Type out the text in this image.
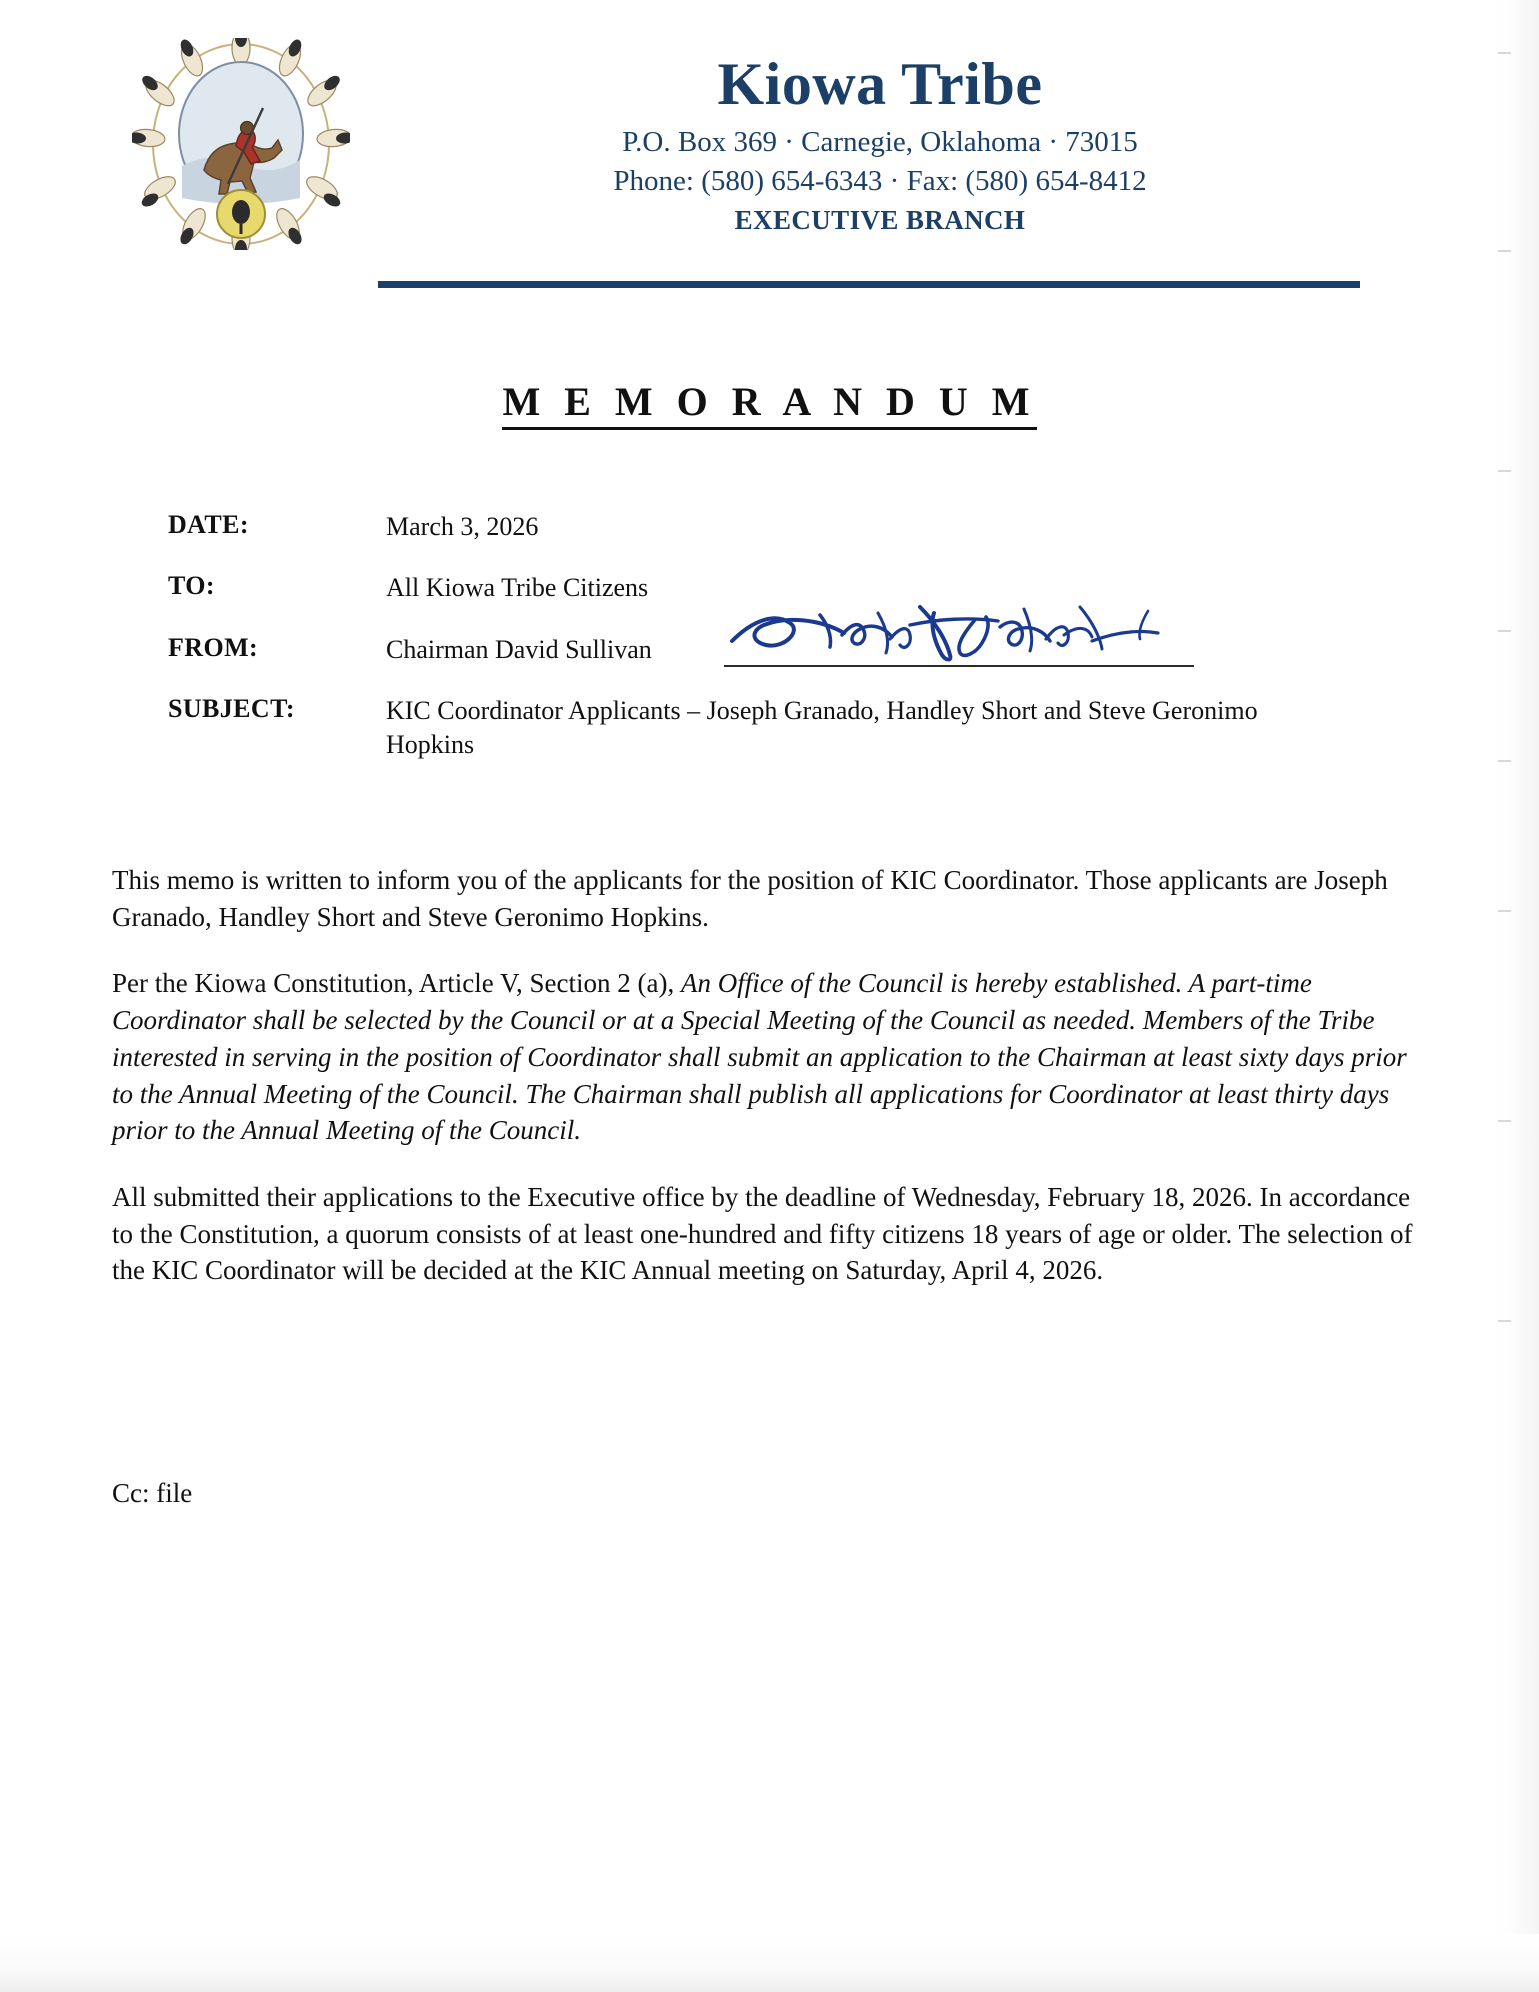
Kiowa Tribe
P.O. Box 369 · Carnegie, Oklahoma · 73015
Phone: (580) 654-6343 · Fax: (580) 654-8412
EXECUTIVE BRANCH
M E M O R A N D U M
DATE:	March 3, 2026
TO:	All Kiowa Tribe Citizens
FROM:	Chairman David Sullivan
SUBJECT:	KIC Coordinator Applicants – Joseph Granado, Handley Short and Steve Geronimo Hopkins

This memo is written to inform you of the applicants for the position of KIC Coordinator. Those applicants are Joseph Granado, Handley Short and Steve Geronimo Hopkins.

Per the Kiowa Constitution, Article V, Section 2 (a), An Office of the Council is hereby established. A part-time Coordinator shall be selected by the Council or at a Special Meeting of the Council as needed. Members of the Tribe interested in serving in the position of Coordinator shall submit an application to the Chairman at least sixty days prior to the Annual Meeting of the Council. The Chairman shall publish all applications for Coordinator at least thirty days prior to the Annual Meeting of the Council.

All submitted their applications to the Executive office by the deadline of Wednesday, February 18, 2026. In accordance to the Constitution, a quorum consists of at least one-hundred and fifty citizens 18 years of age or older. The selection of the KIC Coordinator will be decided at the KIC Annual meeting on Saturday, April 4, 2026.

Cc: file
